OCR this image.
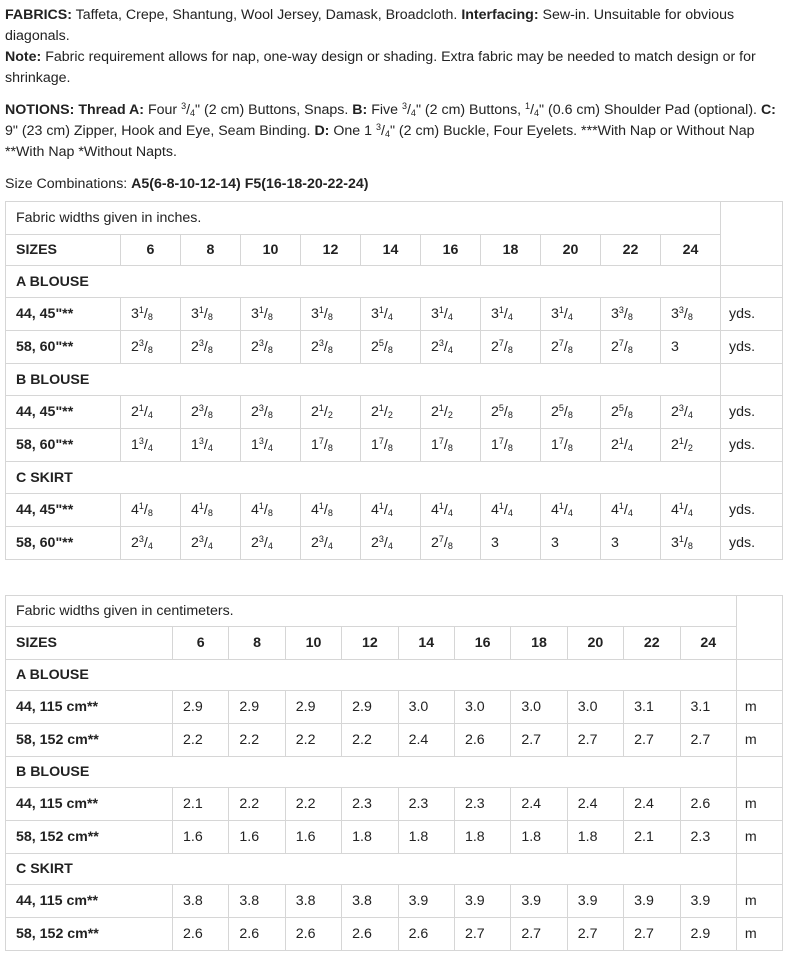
FABRICS: Taffeta, Crepe, Shantung, Wool Jersey, Damask, Broadcloth. Interfacing: Sew-in. Unsuitable for obvious diagonals.

Note: Fabric requirement allows for nap, one-way design or shading. Extra fabric may be needed to match design or for shrinkage.

NOTIONS: Thread A: Four $^3/_4$" (2 cm) Buttons, Snaps. B: Five $^3/_4$" (2 cm) Buttons, $^1/_4$" (0.6 cm) Shoulder Pad (optional). C: 9" (23 cm) Zipper, Hook and Eye, Seam Binding. D: One 1 $^3/_4$" (2 cm) Buckle, Four Eyelets. ***With Nap or Without Nap **With Nap *Without Napts.

Size Combinations: A5(6-8-10-12-14) F5(16-18-20-22-24)

Fabric widths given in inches.											
SIZES	6	8	10	12	14	16	18	20	22	24	
A BLOUSE											
44, 45"**	$3^1/_8$	$3^1/_8$	$3^1/_8$	$3^1/_8$	$3^1/_4$	$3^1/_4$	$3^1/_4$	$3^1/_4$	$3^3/_8$	$3^3/_8$	yds.
58, 60"**	$2^3/_8$	$2^3/_8$	$2^3/_8$	$2^3/_8$	$2^5/_8$	$2^3/_4$	$2^7/_8$	$2^7/_8$	$2^7/_8$	3	yds.
B BLOUSE											
44, 45"**	$2^1/_4$	$2^3/_8$	$2^3/_8$	$2^1/_2$	$2^1/_2$	$2^1/_2$	$2^5/_8$	$2^5/_8$	$2^5/_8$	$2^3/_4$	yds.
58, 60"**	$1^3/_4$	$1^3/_4$	$1^3/_4$	$1^7/_8$	$1^7/_8$	$1^7/_8$	$1^7/_8$	$1^7/_8$	$2^1/_4$	$2^1/_2$	yds.
C SKIRT											
44, 45"**	$4^1/_8$	$4^1/_8$	$4^1/_8$	$4^1/_8$	$4^1/_4$	$4^1/_4$	$4^1/_4$	$4^1/_4$	$4^1/_4$	$4^1/_4$	yds.
58, 60"**	$2^3/_4$	$2^3/_4$	$2^3/_4$	$2^3/_4$	$2^3/_4$	$2^7/_8$	3	3	3	$3^1/_8$	yds.
Fabric widths given in centimeters.											
SIZES	6	8	10	12	14	16	18	20	22	24	
A BLOUSE											
44, 115 cm**	2.9	2.9	2.9	2.9	3.0	3.0	3.0	3.0	3.1	3.1	m
58, 152 cm**	2.2	2.2	2.2	2.2	2.4	2.6	2.7	2.7	2.7	2.7	m
B BLOUSE											
44, 115 cm**	2.1	2.2	2.2	2.3	2.3	2.3	2.4	2.4	2.4	2.6	m
58, 152 cm**	1.6	1.6	1.6	1.8	1.8	1.8	1.8	1.8	2.1	2.3	m
C SKIRT											
44, 115 cm**	3.8	3.8	3.8	3.8	3.9	3.9	3.9	3.9	3.9	3.9	m
58, 152 cm**	2.6	2.6	2.6	2.6	2.6	2.7	2.7	2.7	2.7	2.9	m
